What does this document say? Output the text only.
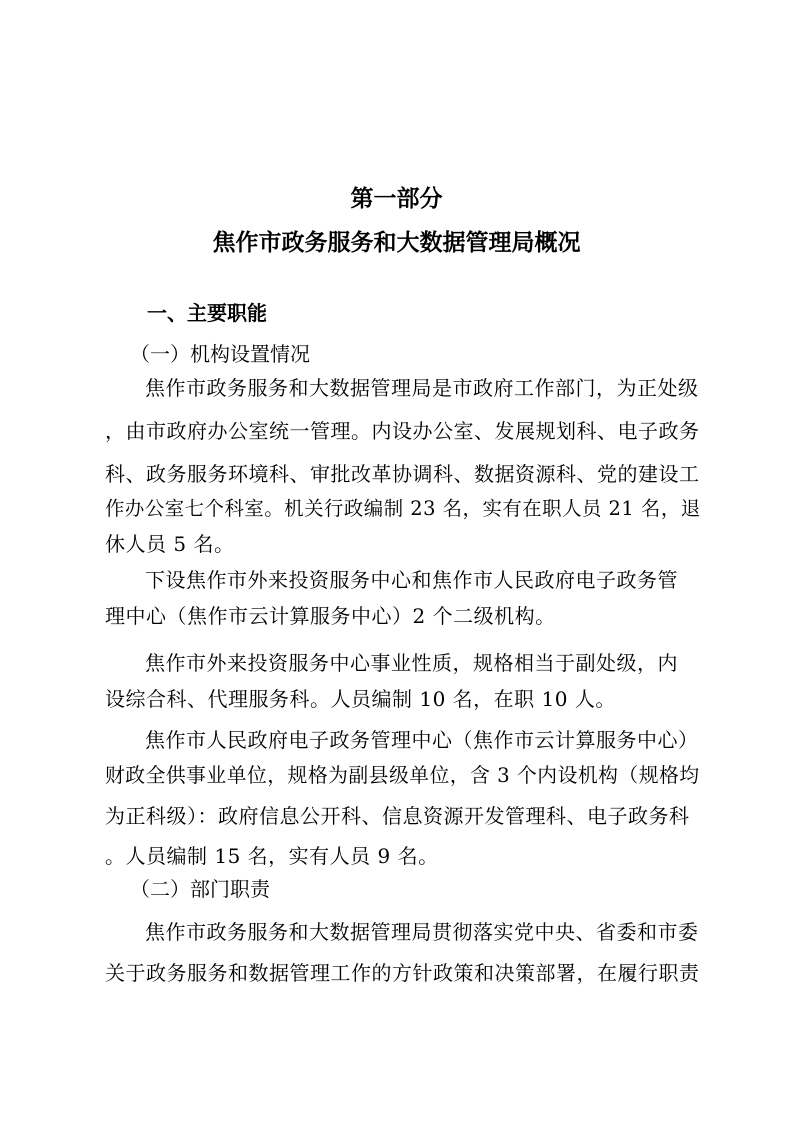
第一部分
焦作市政务服务和大数据管理局概况
一、主要职能
（一）机构设置情况
焦作市政务服务和大数据管理局是市政府工作部门，为正处级
，由市政府办公室统一管理。内设办公室、发展规划科、电子政务
科、政务服务环境科、审批改革协调科、数据资源科、党的建设工
作办公室七个科室。机关行政编制 23 名，实有在职人员 21 名，退
休人员 5 名。
下设焦作市外来投资服务中心和焦作市人民政府电子政务管
理中心（焦作市云计算服务中心）2 个二级机构。
焦作市外来投资服务中心事业性质，规格相当于副处级，内
设综合科、代理服务科。人员编制 10 名，在职 10 人。
焦作市人民政府电子政务管理中心（焦作市云计算服务中心）
财政全供事业单位，规格为副县级单位，含 3 个内设机构（规格均
为正科级）：政府信息公开科、信息资源开发管理科、电子政务科
。人员编制 15 名，实有人员 9 名。
（二）部门职责
焦作市政务服务和大数据管理局贯彻落实党中央、省委和市委
关于政务服务和数据管理工作的方针政策和决策部署，在履行职责
